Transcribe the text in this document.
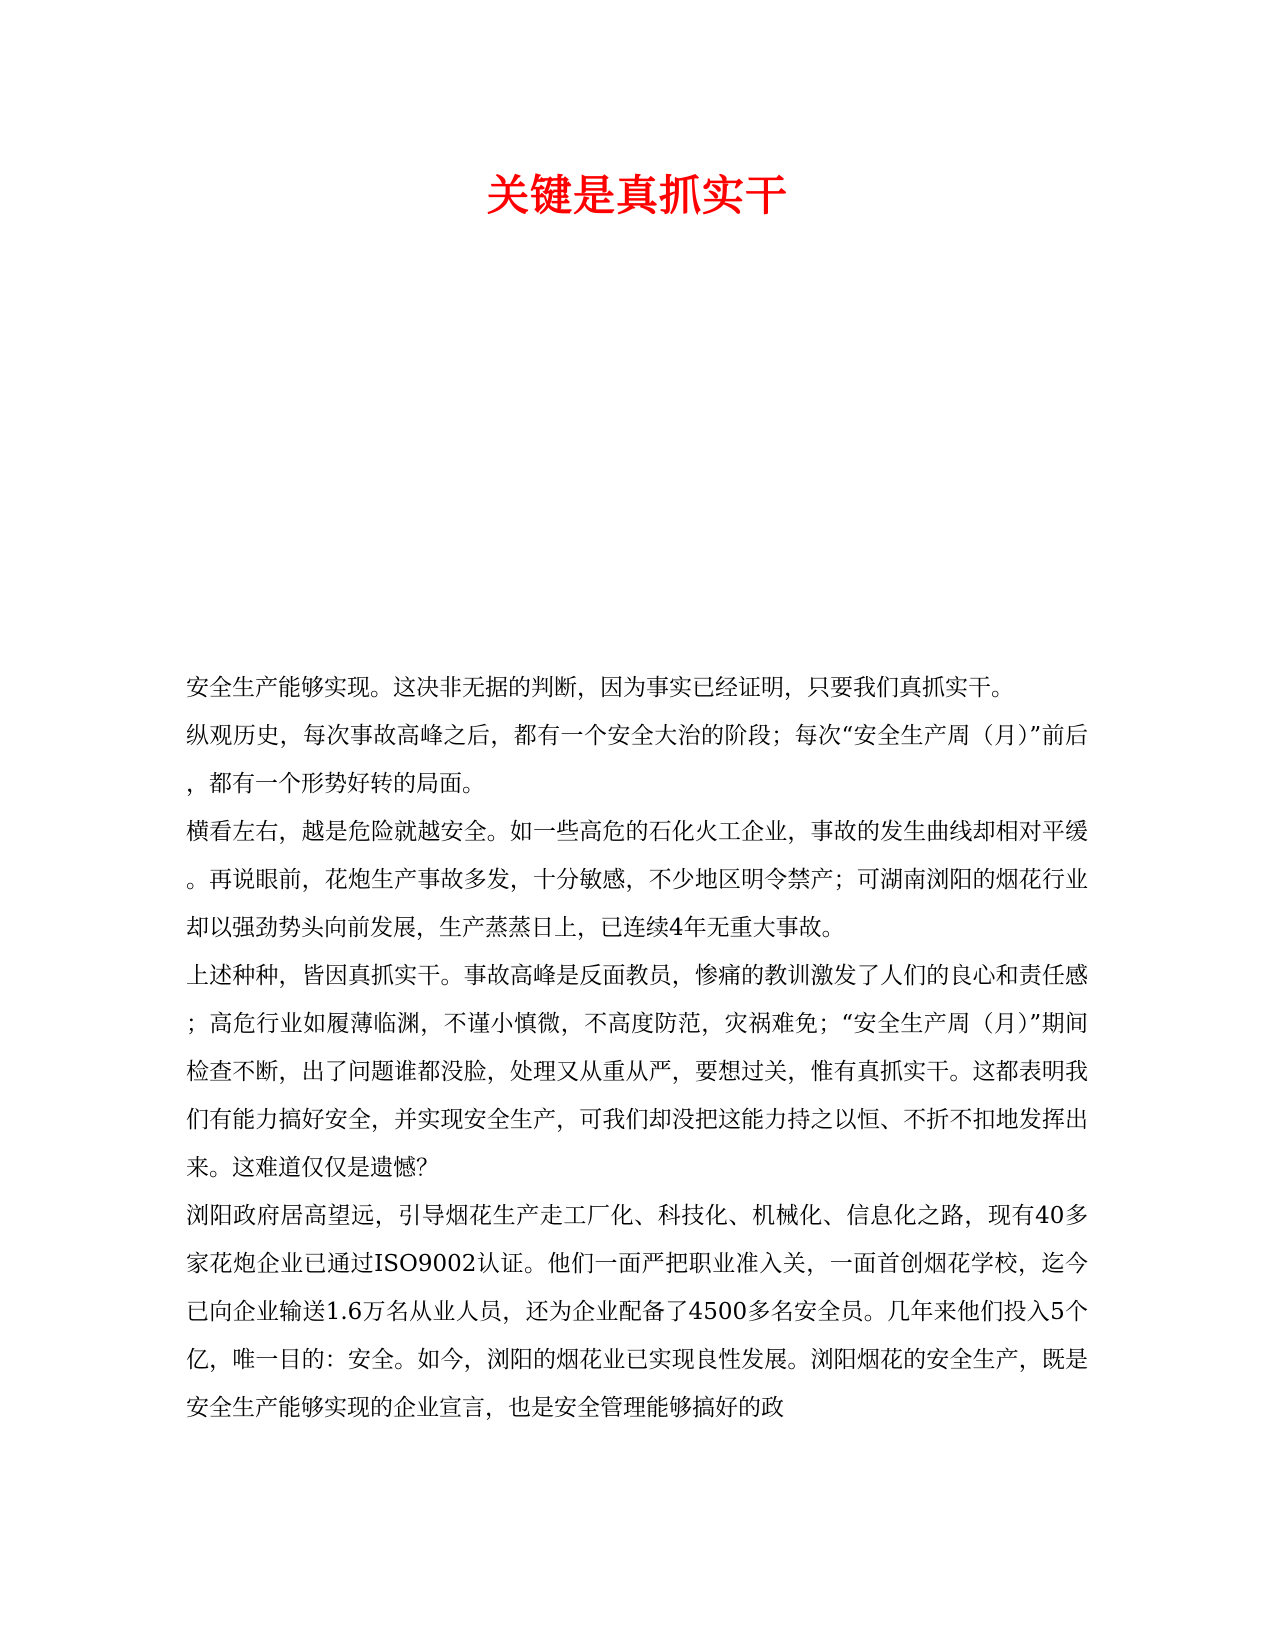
关键是真抓实干

安全生产能够实现。这决非无据的判断，因为事实已经证明，只要我们真抓实干。

纵观历史，每次事故高峰之后，都有一个安全大治的阶段；每次“安全生产周（月）”前后，都有一个形势好转的局面。

横看左右，越是危险就越安全。如一些高危的石化火工企业，事故的发生曲线却相对平缓。再说眼前，花炮生产事故多发，十分敏感，不少地区明令禁产；可湖南浏阳的烟花行业却以强劲势头向前发展，生产蒸蒸日上，已连续4年无重大事故。

上述种种，皆因真抓实干。事故高峰是反面教员，惨痛的教训激发了人们的良心和责任感；高危行业如履薄临渊，不谨小慎微，不高度防范，灾祸难免；“安全生产周（月）”期间检查不断，出了问题谁都没脸，处理又从重从严，要想过关，惟有真抓实干。这都表明我们有能力搞好安全，并实现安全生产，可我们却没把这能力持之以恒、不折不扣地发挥出来。这难道仅仅是遗憾？

浏阳政府居高望远，引导烟花生产走工厂化、科技化、机械化、信息化之路，现有40多家花炮企业已通过ISO9002认证。他们一面严把职业准入关，一面首创烟花学校，迄今已向企业输送1.6万名从业人员，还为企业配备了4500多名安全员。几年来他们投入5个亿，唯一目的：安全。如今，浏阳的烟花业已实现良性发展。浏阳烟花的安全生产，既是安全生产能够实现的企业宣言，也是安全管理能够搞好的政
